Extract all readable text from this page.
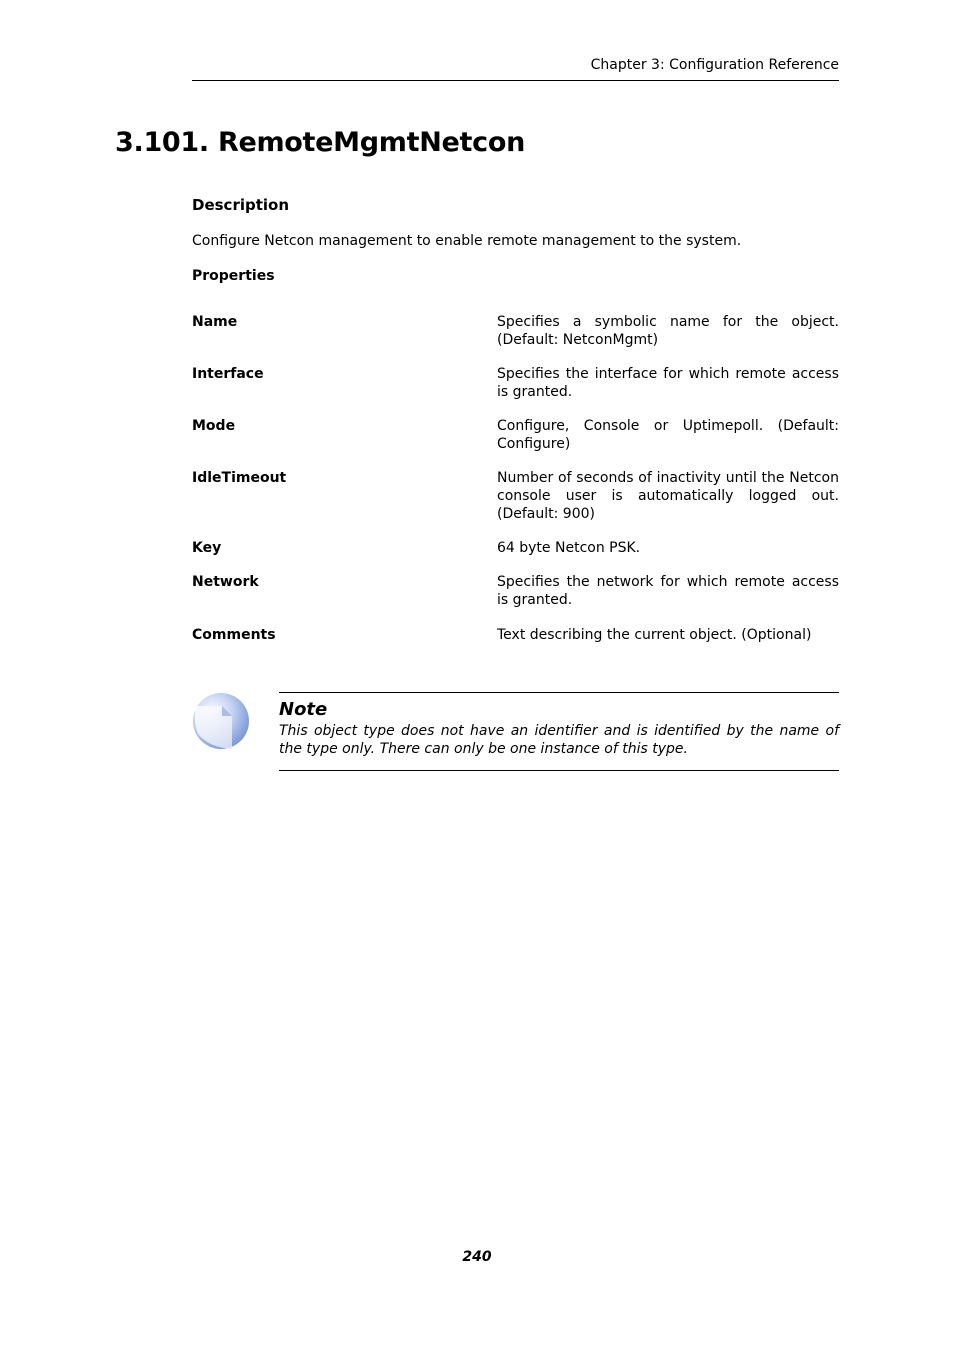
Chapter 3: Configuration Reference
3.101. RemoteMgmtNetcon
Description
Configure Netcon management to enable remote management to the system.
Properties
Name	Specifies a symbolic name for the object. (Default: NetconMgmt)
Interface	Specifies the interface for which remote access is granted.
Mode	Configure, Console or Uptimepoll. (Default: Configure)
IdleTimeout	Number of seconds of inactivity until the Netcon console user is automatically logged out. (Default: 900)
Key	64 byte Netcon PSK.
Network	Specifies the network for which remote access is granted.
Comments	Text describing the current object. (Optional)
Note
This object type does not have an identifier and is identified by the name of the type only. There can only be one instance of this type.
240
